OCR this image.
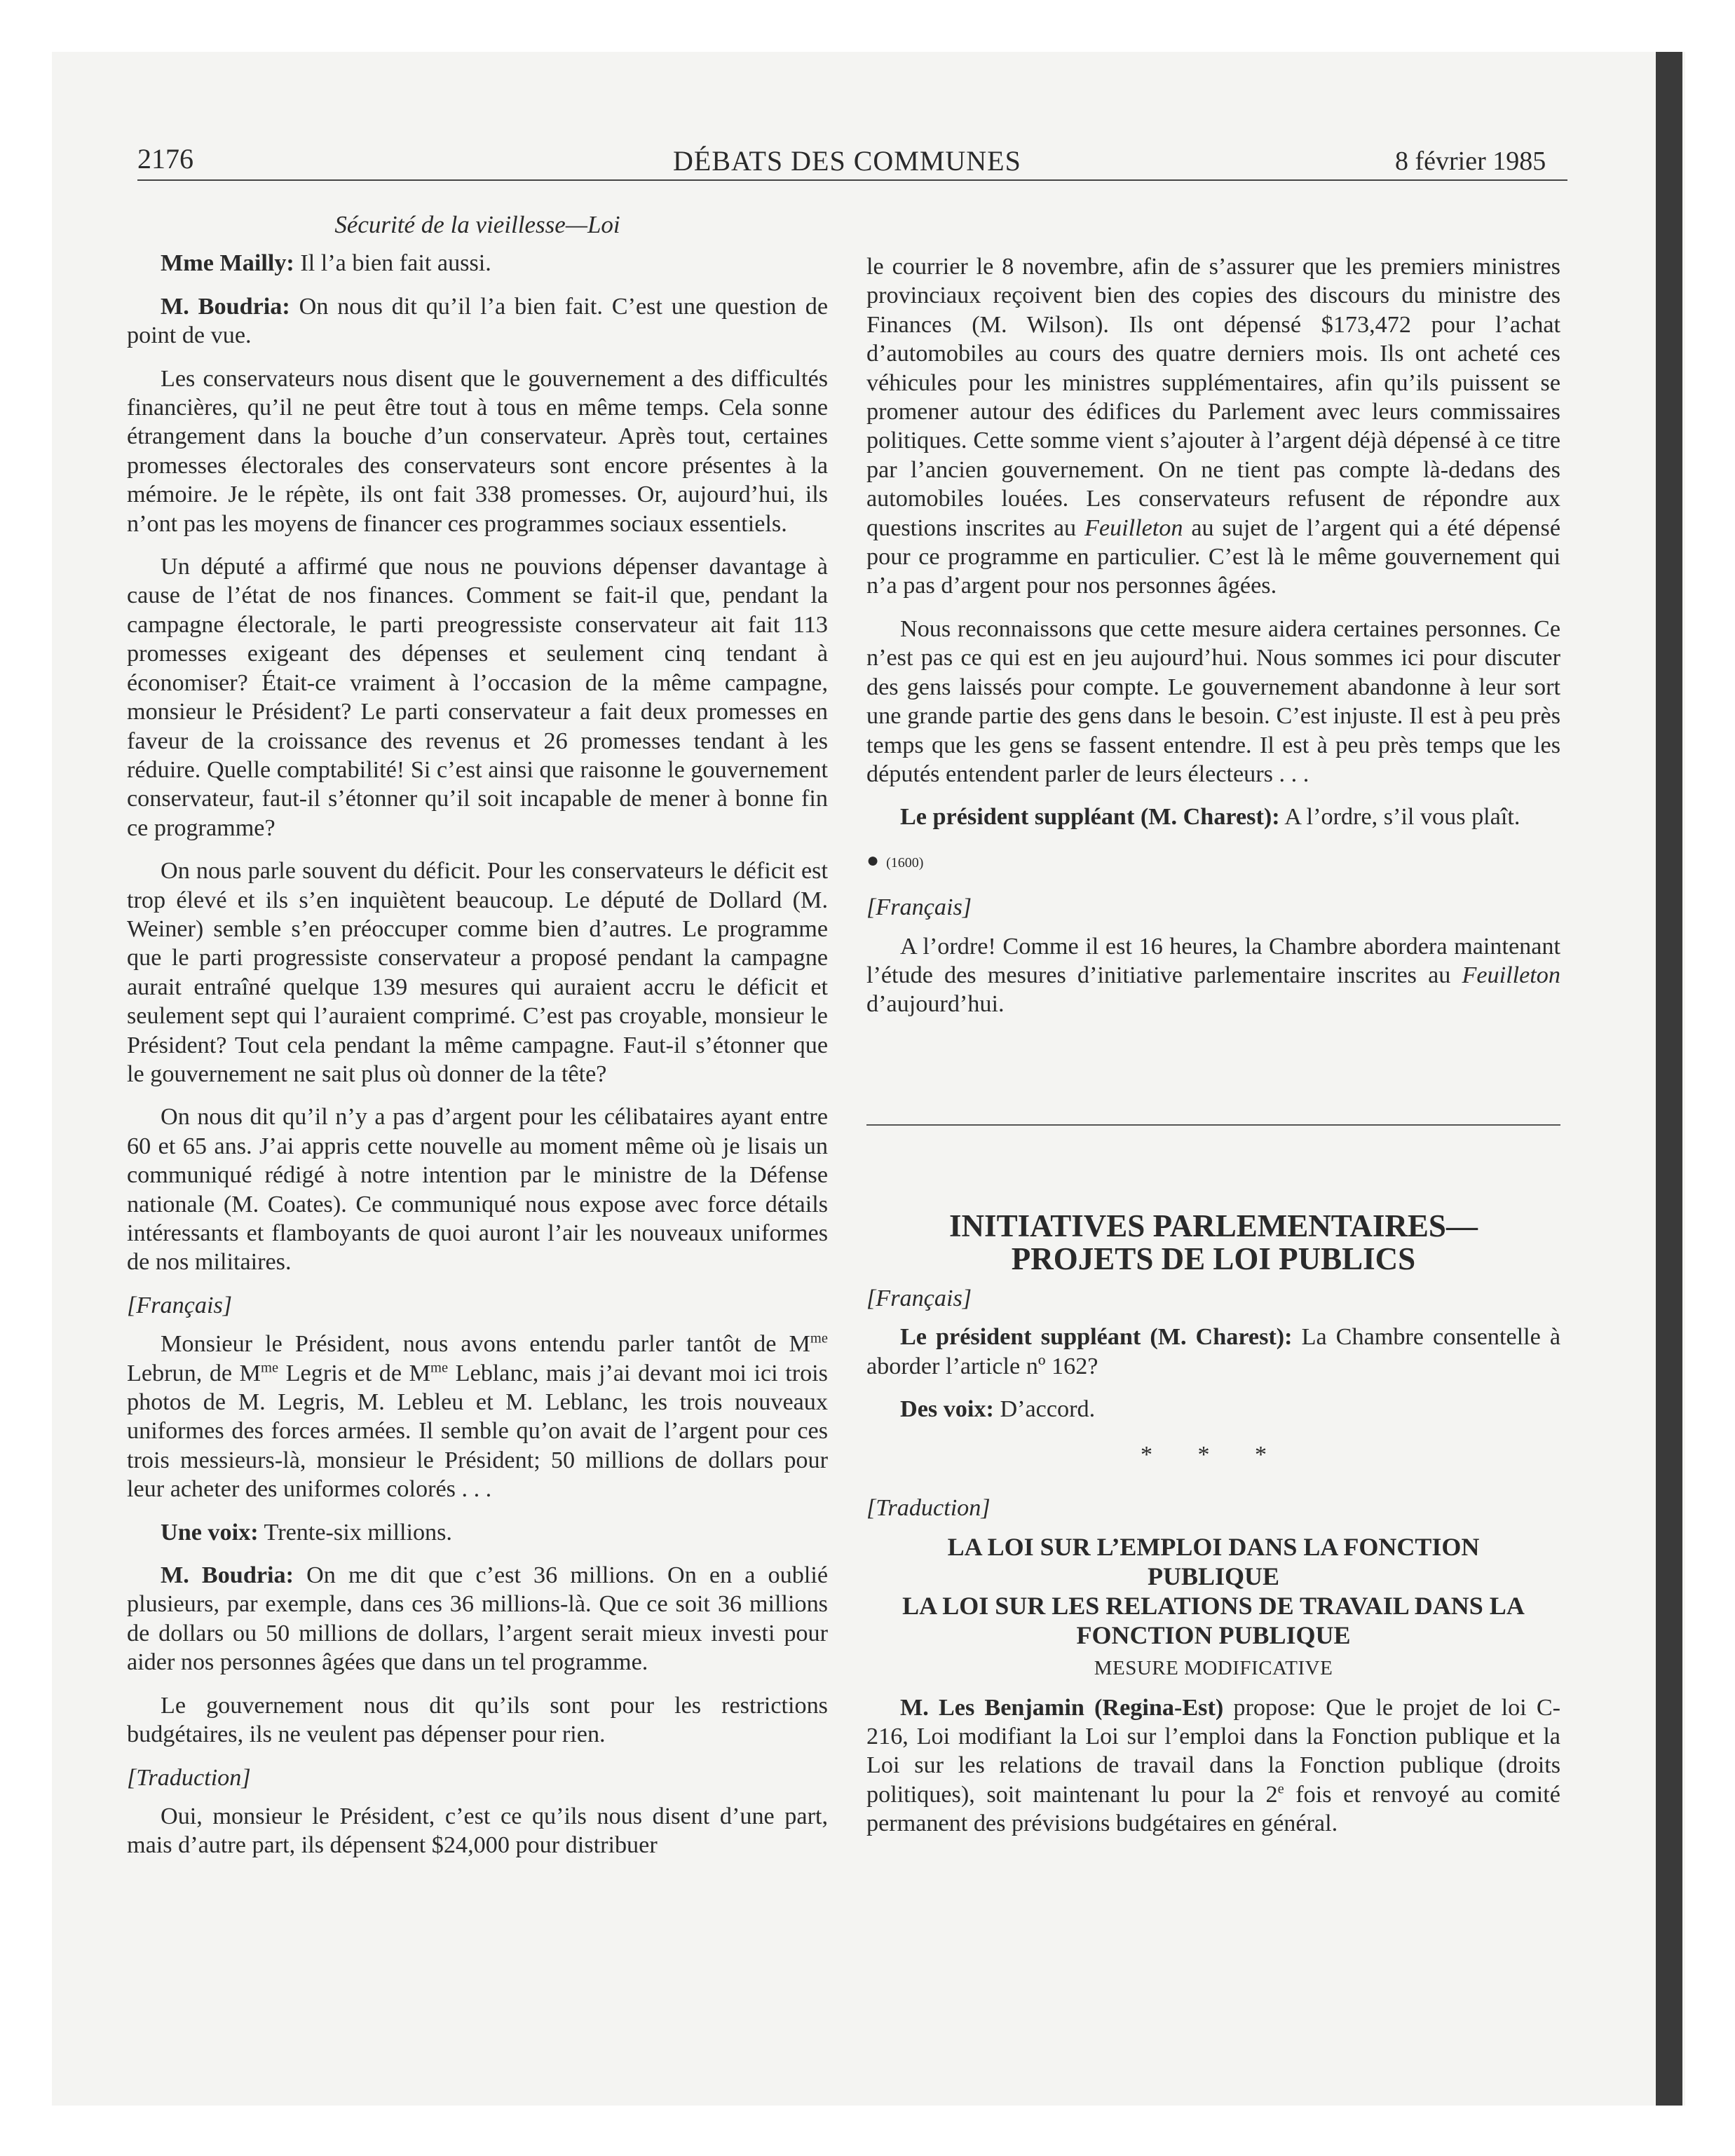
2176	DÉBATS DES COMMUNES	8 février 1985
Sécurité de la vieillesse—Loi

Mme Mailly: Il l’a bien fait aussi.

M. Boudria: On nous dit qu’il l’a bien fait. C’est une question de point de vue.

Les conservateurs nous disent que le gouvernement a des difficultés financières, qu’il ne peut être tout à tous en même temps. Cela sonne étrangement dans la bouche d’un conservateur. Après tout, certaines promesses électorales des conservateurs sont encore présentes à la mémoire. Je le répète, ils ont fait 338 promesses. Or, aujourd’hui, ils n’ont pas les moyens de financer ces programmes sociaux essentiels.

Un député a affirmé que nous ne pouvions dépenser davantage à cause de l’état de nos finances. Comment se fait-il que, pendant la campagne électorale, le parti preogressiste conservateur ait fait 113 promesses exigeant des dépenses et seulement cinq tendant à économiser? Était-ce vraiment à l’occasion de la même campagne, monsieur le Président? Le parti conservateur a fait deux promesses en faveur de la croissance des revenus et 26 promesses tendant à les réduire. Quelle comptabilité! Si c’est ainsi que raisonne le gouvernement conservateur, faut-il s’étonner qu’il soit incapable de mener à bonne fin ce programme?

On nous parle souvent du déficit. Pour les conservateurs le déficit est trop élevé et ils s’en inquiètent beaucoup. Le député de Dollard (M. Weiner) semble s’en préoccuper comme bien d’autres. Le programme que le parti progressiste conservateur a proposé pendant la campagne aurait entraîné quelque 139 mesures qui auraient accru le déficit et seulement sept qui l’auraient comprimé. C’est pas croyable, monsieur le Président? Tout cela pendant la même campagne. Faut-il s’étonner que le gouvernement ne sait plus où donner de la tête?

On nous dit qu’il n’y a pas d’argent pour les célibataires ayant entre 60 et 65 ans. J’ai appris cette nouvelle au moment même où je lisais un communiqué rédigé à notre intention par le ministre de la Défense nationale (M. Coates). Ce communiqué nous expose avec force détails intéressants et flamboyants de quoi auront l’air les nouveaux uniformes de nos militaires.

[Français]

Monsieur le Président, nous avons entendu parler tantôt de $M^{me}$ Lebrun, de $M^{me}$ Legris et de $M^{me}$ Leblanc, mais j’ai devant moi ici trois photos de M. Legris, M. Lebleu et M. Leblanc, les trois nouveaux uniformes des forces armées. Il semble qu’on avait de l’argent pour ces trois messieurs-là, monsieur le Président; 50 millions de dollars pour leur acheter des uniformes colorés . . .

Une voix: Trente-six millions.

M. Boudria: On me dit que c’est 36 millions. On en a oublié plusieurs, par exemple, dans ces 36 millions-là. Que ce soit 36 millions de dollars ou 50 millions de dollars, l’argent serait mieux investi pour aider nos personnes âgées que dans un tel programme.

Le gouvernement nous dit qu’ils sont pour les restrictions budgétaires, ils ne veulent pas dépenser pour rien.

[Traduction]

Oui, monsieur le Président, c’est ce qu’ils nous disent d’une part, mais d’autre part, ils dépensent $24,000 pour distribuer

le courrier le 8 novembre, afin de s’assurer que les premiers ministres provinciaux reçoivent bien des copies des discours du ministre des Finances (M. Wilson). Ils ont dépensé $173,472 pour l’achat d’automobiles au cours des quatre derniers mois. Ils ont acheté ces véhicules pour les ministres supplémentaires, afin qu’ils puissent se promener autour des édifices du Parlement avec leurs commissaires politiques. Cette somme vient s’ajouter à l’argent déjà dépensé à ce titre par l’ancien gouvernement. On ne tient pas compte là-dedans des automobiles louées. Les conservateurs refusent de répondre aux questions inscrites au Feuilleton au sujet de l’argent qui a été dépensé pour ce programme en particulier. C’est là le même gouvernement qui n’a pas d’argent pour nos personnes âgées.

Nous reconnaissons que cette mesure aidera certaines personnes. Ce n’est pas ce qui est en jeu aujourd’hui. Nous sommes ici pour discuter des gens laissés pour compte. Le gouvernement abandonne à leur sort une grande partie des gens dans le besoin. C’est injuste. Il est à peu près temps que les gens se fassent entendre. Il est à peu près temps que les députés entendent parler de leurs électeurs . . .

Le président suppléant (M. Charest): A l’ordre, s’il vous plaît.

● (1600)
[Français]

A l’ordre! Comme il est 16 heures, la Chambre abordera maintenant l’étude des mesures d’initiative parlementaire inscrites au Feuilleton d’aujourd’hui.

INITIATIVES PARLEMENTAIRES—
PROJETS DE LOI PUBLICS
[Français]

Le président suppléant (M. Charest): La Chambre consentelle à aborder l’article nº 162?

Des voix: D’accord.

* * *
[Traduction]
LA LOI SUR L’EMPLOI DANS LA FONCTION
PUBLIQUE
LA LOI SUR LES RELATIONS DE TRAVAIL DANS LA
FONCTION PUBLIQUE
MESURE MODIFICATIVE

M. Les Benjamin (Regina-Est) propose: Que le projet de loi C-216, Loi modifiant la Loi sur l’emploi dans la Fonction publique et la Loi sur les relations de travail dans la Fonction publique (droits politiques), soit maintenant lu pour la 2e fois et renvoyé au comité permanent des prévisions budgétaires en général.
